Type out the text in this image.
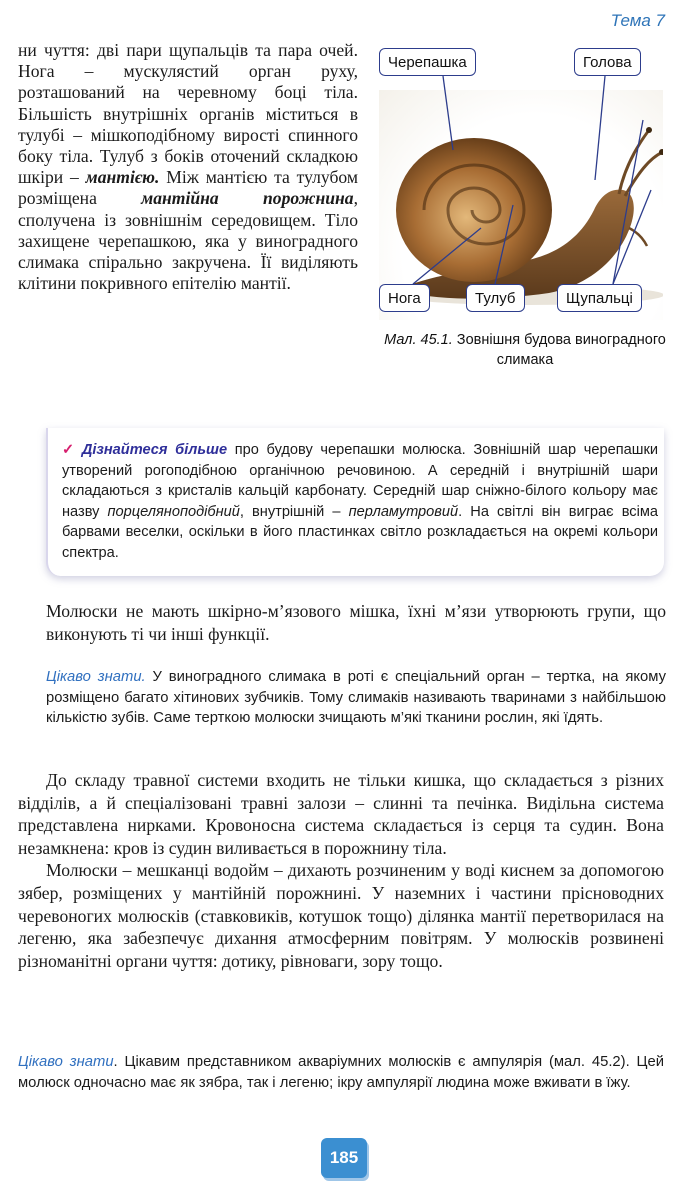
Тема 7
ни чуття: дві пари щупальців та пара очей. Нога – мускулястий орган руху, розташований на черевному боці тіла. Більшість внутрішніх органів міститься в тулубі – мішкоподібному вирості спинного боку тіла. Тулуб з боків оточений складкою шкіри – мантією. Між мантією та тулубом розміщена мантійна порожнина, сполучена із зовнішнім середовищем. Тіло захищене черепашкою, яка у виноградного слимака спірально закручена. Її виділяють клітини покривного епітелію мантії.
Черепашка	Голова
Нога	Тулуб	Щупальці
Мал. 45.1. Зовнішня будова виноградного слимака
✓ Дізнайтеся більше про будову черепашки молюска. Зовнішній шар черепашки утворений рогоподібною органічною речовиною. А середній і внутрішній шари складаються з кристалів кальцій карбонату. Середній шар сніжно-білого кольору має назву порцеляноподібний, внутрішній – перламутровий. На світлі він виграє всіма барвами веселки, оскільки в його пластинках світло розкладається на окремі кольори спектра.
Молюски не мають шкірно-м’язового мішка, їхні м’язи утворюють групи, що виконують ті чи інші функції.
Цікаво знати. У виноградного слимака в роті є спеціальний орган – тертка, на якому розміщено багато хітинових зубчиків. Тому слимаків називають тваринами з найбільшою кількістю зубів. Саме терткою молюски зчищають м’які тканини рослин, які їдять.

До складу травної системи входить не тільки кишка, що складається з різних відділів, а й спеціалізовані травні залози – слинні та печінка. Видільна система представлена нирками. Кровоносна система складається із серця та судин. Вона незамкнена: кров із судин виливається в порожнину тіла.

Молюски – мешканці водойм – дихають розчиненим у воді киснем за допомогою зябер, розміщених у мантійній порожнині. У наземних і частини прісноводних черевоногих молюсків (ставковиків, котушок тощо) ділянка мантії перетворилася на легеню, яка забезпечує дихання атмосферним повітрям. У молюсків розвинені різноманітні органи чуття: дотику, рівноваги, зору тощо.

Цікаво знати. Цікавим представником акваріумних молюсків є ампулярія (мал. 45.2). Цей молюск одночасно має як зябра, так і легеню; ікру ампулярії людина може вживати в їжу.
185
